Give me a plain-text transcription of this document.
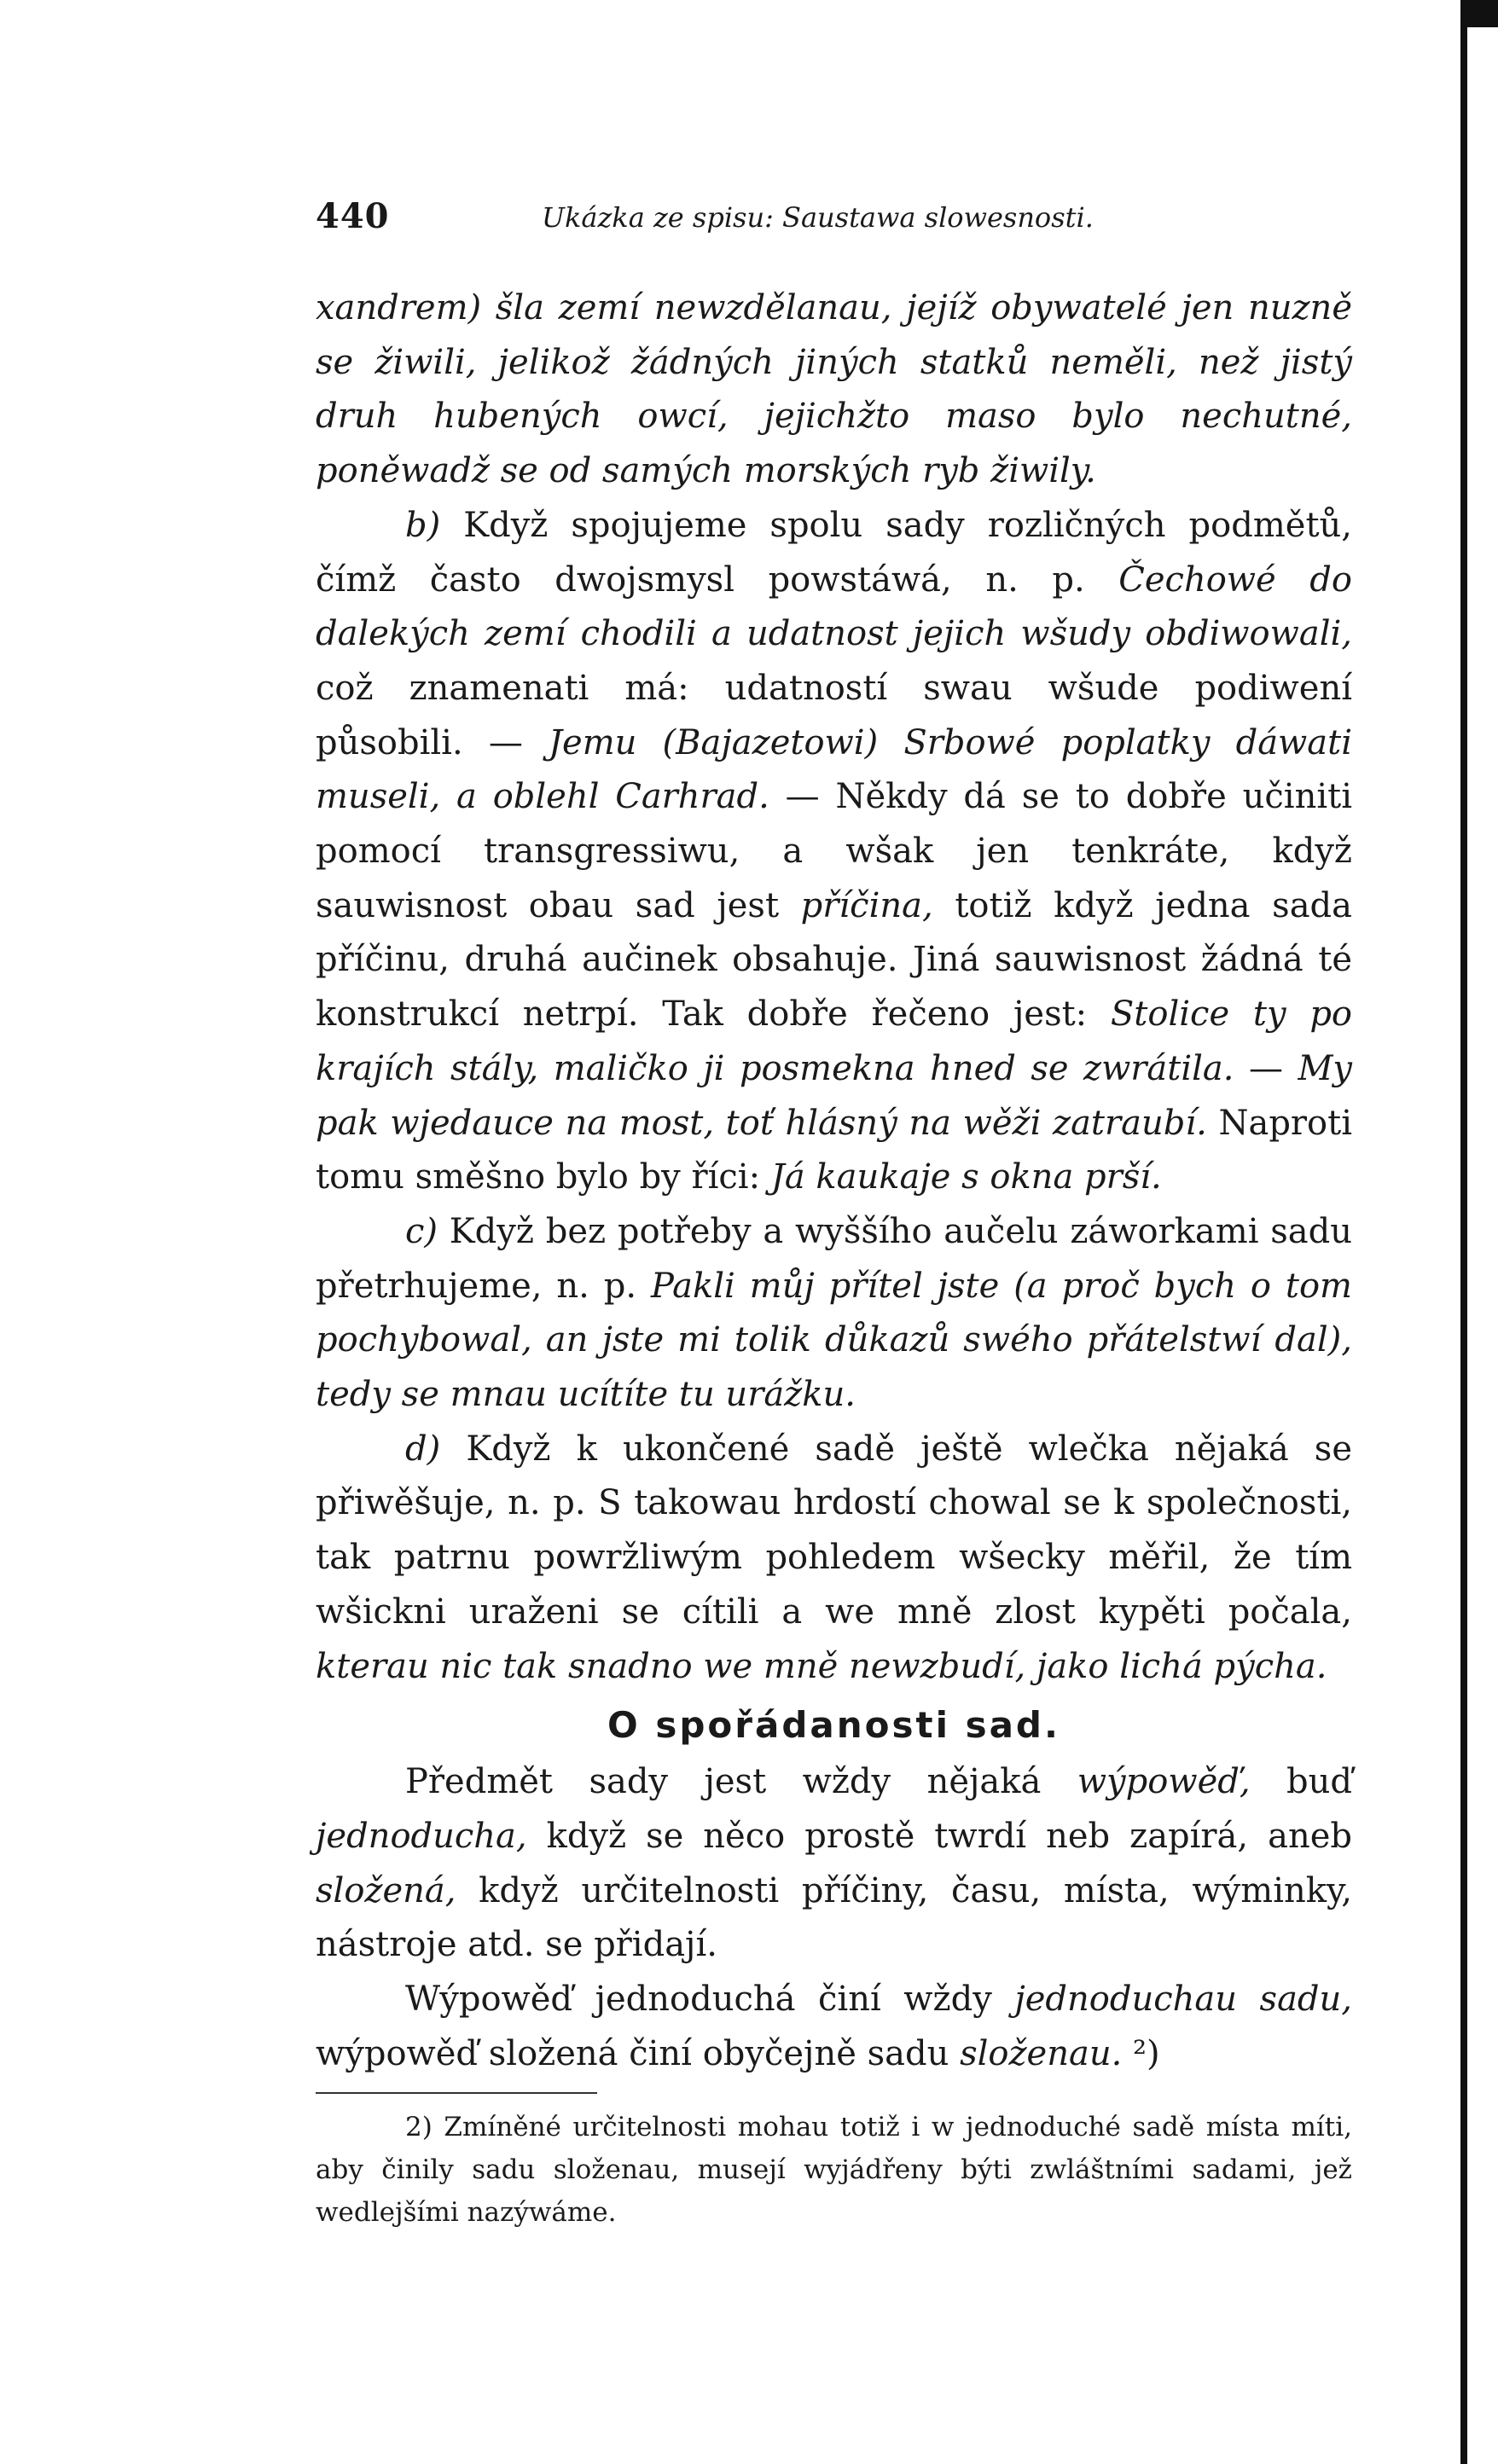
440	Ukázka ze spisu: Saustawa slowesnosti.

xandrem) šla zemí newzdělanau, jejíž obywatelé jen nuzně se žiwili, jelikož žádných jiných statků neměli, než jistý druh hubených owcí, jejichžto maso bylo nechutné, poněwadž se od samých morských ryb žiwily.

b) Když spojujeme spolu sady rozličných podmětů, čímž často dwojsmysl powstáwá, n. p. Čechowé do dalekých zemí chodili a udatnost jejich wšudy obdiwowali, což znamenati má: udatností swau wšude podiwení působili. — Jemu (Bajazetowi) Srbowé poplatky dáwati museli, a oblehl Carhrad. — Někdy dá se to dobře učiniti pomocí transgressiwu, a wšak jen tenkráte, když sauwisnost obau sad jest příčina, totiž když jedna sada příčinu, druhá aučinek obsahuje. Jiná sauwisnost žádná té konstrukcí netrpí. Tak dobře řečeno jest: Stolice ty po krajích stály, maličko ji posmekna hned se zwrátila. — My pak wjedauce na most, toť hlásný na wěži zatraubí. Naproti tomu směšno bylo by říci: Já kaukaje s okna prší.

c) Když bez potřeby a wyššího aučelu záworkami sadu přetrhujeme, n. p. Pakli můj přítel jste (a proč bych o tom pochybowal, an jste mi tolik důkazů swého přátelstwí dal), tedy se mnau ucítíte tu urážku.

d) Když k ukončené sadě ještě wlečka nějaká se přiwěšuje, n. p. S takowau hrdostí chowal se k společnosti, tak patrnu powržliwým pohledem wšecky měřil, že tím wšickni uraženi se cítili a we mně zlost kypěti počala, kterau nic tak snadno we mně newzbudí, jako lichá pýcha.

O spořádanosti sad.

Předmět sady jest wždy nějaká wýpowěď, buď jednoducha, když se něco prostě twrdí neb zapírá, aneb složená, když určitelnosti příčiny, času, místa, wýminky, nástroje atd. se přidají.

Wýpowěď jednoduchá činí wždy jednoduchau sadu, wýpowěď složená činí obyčejně sadu složenau. ²)

2) Zmíněné určitelnosti mohau totiž i w jednoduché sadě místa míti, aby činily sadu složenau, musejí wyjádřeny býti zwláštními sadami, jež wedlejšími nazýwáme.
